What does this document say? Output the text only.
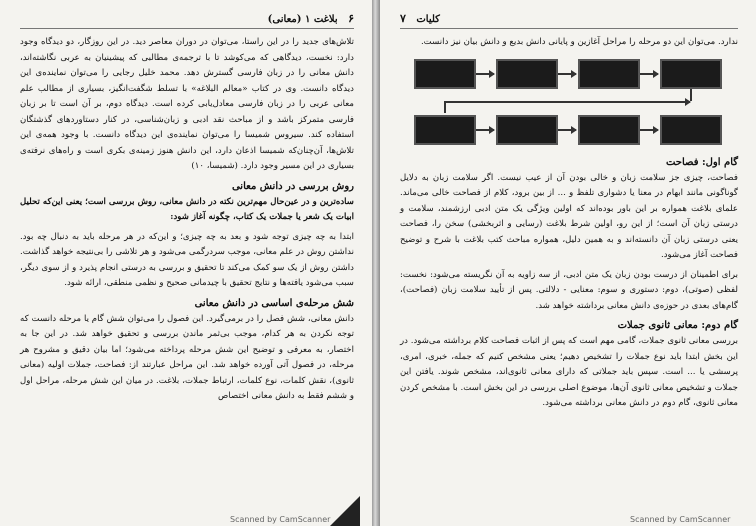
۶   بلاغت ۱ (معانی)

تلاش‌های جدید را در این راستا، می‌توان در دوران معاصر دید. در این روزگار، دو دیدگاه وجود دارد: نخست، دیدگاهی که می‌کوشد تا با ترجمه‌ی مطالبی که پیشینیان به عربی نگاشته‌اند، دانش معانی را در زبان فارسی گسترش دهد. محمد خلیل رجایی را می‌توان نماینده‌ی این دیدگاه دانست. وی در کتاب «معالم البلاغه» با تسلط شگفت‌انگیز، بسیاری از مطالب علم معانی عربی را در زبان فارسی معادل‌یابی کرده است. دیدگاه دوم، بر آن است تا بر زبان فارسی متمرکز باشد و از مباحث نقد ادبی و زبان‌شناسی، در کنار دستاوردهای گذشتگان استفاده کند. سیروس شمیسا را می‌توان نماینده‌ی این دیدگاه دانست. با وجود همه‌ی این تلاش‌ها، آن‌چنان‌که شمیسا اذعان دارد، این دانش هنوز زمینه‌ی بکری است و راه‌های نرفته‌ی بسیاری در این مسیر وجود دارد. (شمیسا، ۱۰)

روش بررسی در دانش معانی

ساده‌ترین و در عین‌حال مهم‌ترین نکته در دانش معانی، روش بررسی است؛ یعنی این‌که تحلیل ابیات یک شعر یا جملات یک کتاب، چگونه آغاز شود:

ابتدا به چه چیزی توجه شود و بعد به چه چیزی؛ و این‌که در هر مرحله باید به دنبال چه بود. نداشتن روش در علم معانی، موجب سردرگمی می‌شود و هر تلاشی را بی‌نتیجه خواهد گذاشت. داشتن روش از یک سو کمک می‌کند تا تحقیق و بررسی به درستی انجام پذیرد و از سوی دیگر، سبب می‌شود یافته‌ها و نتایج تحقیق با چیدمانی صحیح و نظمی منطقی، ارائه شود.

شش مرحله‌ی اساسی در دانش معانی

دانش معانی، شش فصل را در برمی‌گیرد. این فصول را می‌توان شش گام یا مرحله دانست که توجه نکردن به هر کدام، موجب بی‌ثمر ماندن بررسی و تحقیق خواهد شد. در این جا به اختصار، به معرفی و توضیح این شش مرحله پرداخته می‌شود؛ اما بیان دقیق و مشروح هر مرحله، در فصول آتی آورده خواهد شد. این مراحل عبارتند از: فصاحت، جملات اولیه (معانی ثانوی)، نقش کلمات، نوع کلمات، ارتباط جملات، بلاغت. در میان این شش مرحله، مراحل اول و ششم فقط به دانش معانی اختصاص

Scanned by CamScanner
کلیات   ۷

ندارد. می‌توان این دو مرحله را مراحل آغازین و پایانی دانش بدیع و دانش بیان نیز دانست.

گام اول: فصاحت

فصاحت، چیزی جز سلامت زبان و خالی بودن آن از عیب نیست. اگر سلامت زبان به دلایل گوناگونی مانند ابهام در معنا یا دشواری تلفظ و ... از بین برود، کلام از فصاحت خالی می‌ماند. علمای بلاغت همواره بر این باور بوده‌اند که اولین ویژگی یک متن ادبی ارزشمند، سلامت و درستی زبان آن است؛ از این رو، اولین شرط بلاغت (رسایی و اثربخشی) سخن را، فصاحت یعنی درستی زبان آن دانسته‌اند و به همین دلیل، همواره مباحث کتب بلاغت با شرح و توضیح فصاحت آغاز می‌شود.

برای اطمینان از درست بودن زبان یک متن ادبی، از سه زاویه به آن نگریسته می‌شود: نخست: لفظی (صوتی)، دوم: دستوری و سوم: معنایی - دلالتی. پس از تأیید سلامت زبان (فصاحت)، گام‌های بعدی در حوزه‌ی دانش معانی برداشته خواهد شد.

گام دوم: معانی ثانوی جملات

بررسی معانی ثانوی جملات، گامی مهم است که پس از اثبات فصاحت کلام برداشته می‌شود. در این بخش ابتدا باید نوع جملات را تشخیص دهیم؛ یعنی مشخص کنیم که جمله، خبری، امری، پرسشی یا ... است. سپس باید جملاتی که دارای معانی ثانوی‌اند، مشخص شوند. یافتن این جملات و تشخیص معانی ثانوی آن‌ها، موضوع اصلی بررسی در این بخش است. با مشخص کردن معانی ثانوی، گام دوم در دانش معانی برداشته می‌شود.

Scanned by CamScanner
